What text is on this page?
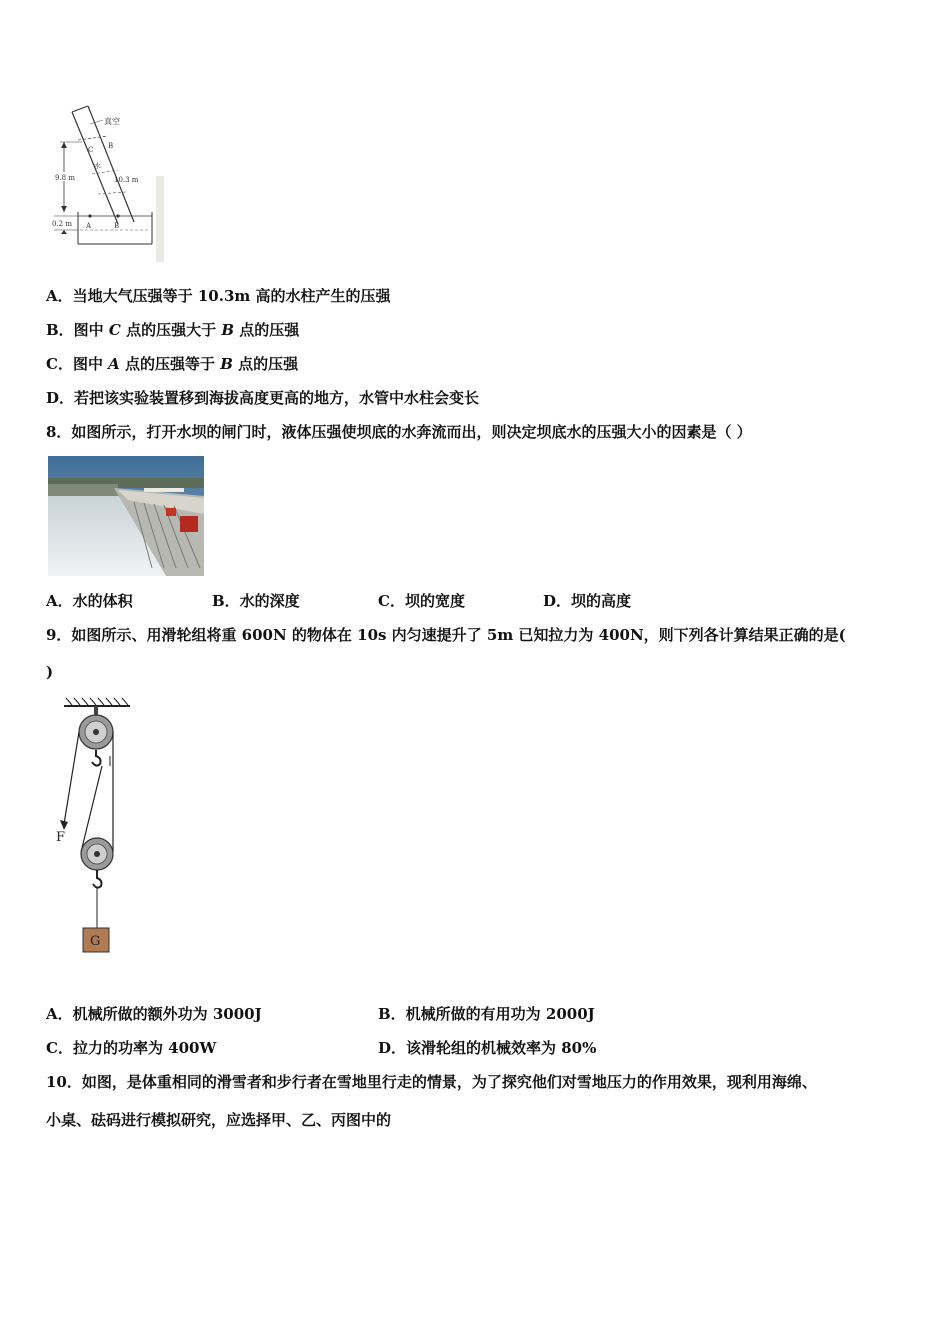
真空
水
C B
9.8 m	10.3 m
0.2 m A	B
A．当地大气压强等于 10.3m 高的水柱产生的压强
B．图中 C 点的压强大于 B 点的压强
C．图中 A 点的压强等于 B 点的压强
D．若把该实验装置移到海拔高度更高的地方，水管中水柱会变长
8．如图所示，打开水坝的闸门时，液体压强使坝底的水奔流而出，则决定坝底水的压强大小的因素是（ ）
A．水的体积	B．水的深度	C．坝的宽度	D．坝的高度
9．如图所示、用滑轮组将重 600N 的物体在 10s 内匀速提升了 5m 已知拉力为 400N，则下列各计算结果正确的是(
)
F
G
A．机械所做的额外功为 3000J	B．机械所做的有用功为 2000J
C．拉力的功率为 400W	D．该滑轮组的机械效率为 80%
10．如图，是体重相同的滑雪者和步行者在雪地里行走的情景，为了探究他们对雪地压力的作用效果，现利用海绵、
小桌、砝码进行模拟研究，应选择甲、乙、丙图中的
